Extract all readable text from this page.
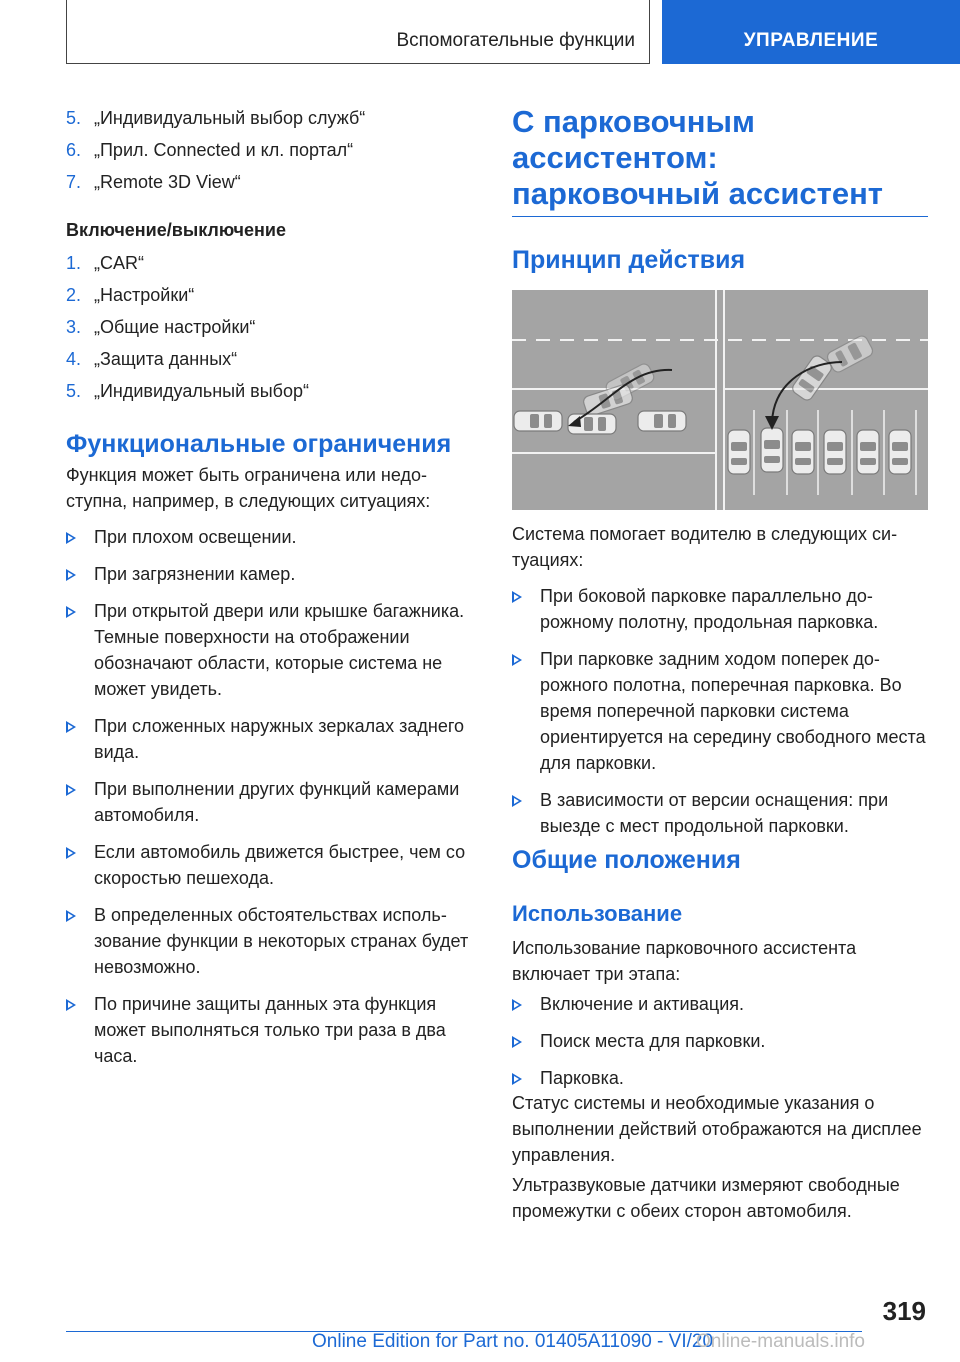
Вспомогательные функции	УПРАВЛЕНИЕ
5. „Индивидуальный выбор служб“
6. „Прил. Connected и кл. портал“
7. „Remote 3D View“
Включение/выключение
1. „CAR“
2. „Настройки“
3. „Общие настройки“
4. „Защита данных“
5. „Индивидуальный выбор“
Функциональные ограничения
Функция может быть ограничена или недоступна, например, в следующих ситуациях:
При плохом освещении.
При загрязнении камер.
При открытой двери или крышке багажника. Темные поверхности на отображении обозначают области, которые система не может увидеть.
При сложенных наружных зеркалах заднего вида.
При выполнении других функций камерами автомобиля.
Если автомобиль движется быстрее, чем со скоростью пешехода.
В определенных обстоятельствах использование функции в некоторых странах будет невозможно.
По причине защиты данных эта функция может выполняться только три раза в два часа.
С парковочным ассистентом: парковочный ассистент
Принцип действия
Система помогает водителю в следующих ситуациях:
При боковой парковке параллельно дорожному полотну, продольная парковка.
При парковке задним ходом поперек дорожного полотна, поперечная парковка. Во время поперечной парковки система ориентируется на середину свободного места для парковки.
В зависимости от версии оснащения: при выезде с мест продольной парковки.
Общие положения
Использование
Использование парковочного ассистента включает три этапа:
Включение и активация.
Поиск места для парковки.
Парковка.
Статус системы и необходимые указания о выполнении действий отображаются на дисплее управления.
Ультразвуковые датчики измеряют свободные промежутки с обеих сторон автомобиля.
319
Online Edition for Part no. 01405A11090 - VI/20
Online-manuals.info
